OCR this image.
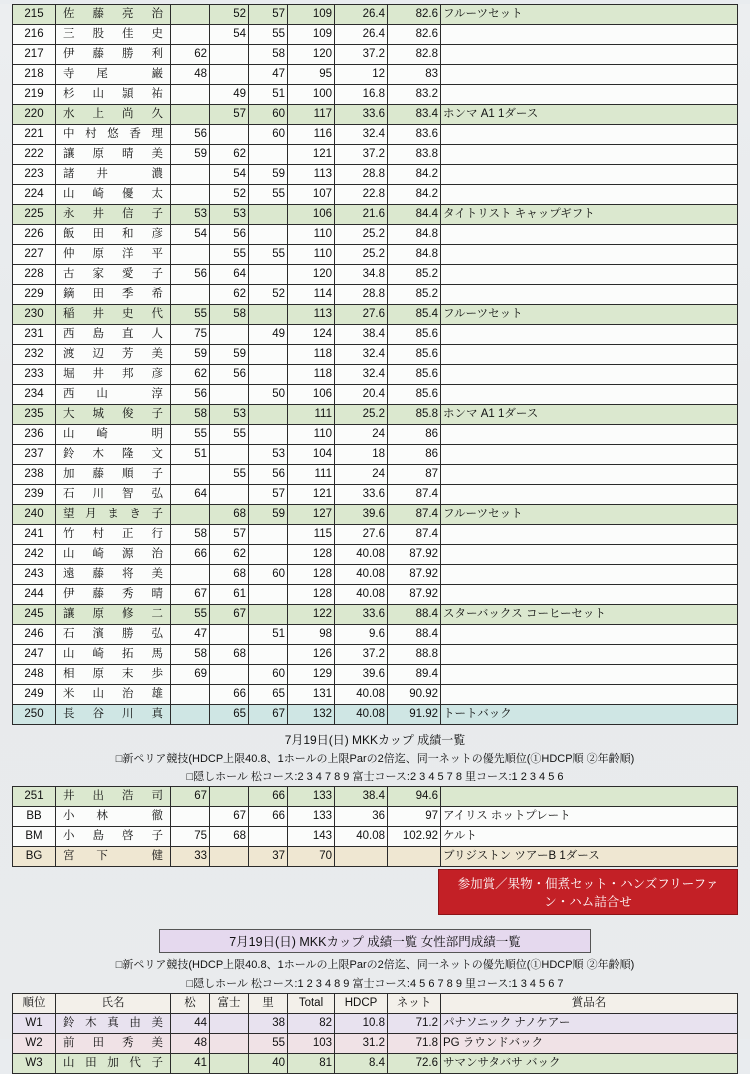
215	佐 藤 亮 治		52	57	109	26.4	82.6	フルーツセット
216	三 股 佳 史		54	55	109	26.4	82.6	
217	伊 藤 勝 利	62		58	120	37.2	82.8	
218	寺 尾 巌	48		47	95	12	83	
219	杉 山 頴 祐		49	51	100	16.8	83.2	
220	水 上 尚 久		57	60	117	33.6	83.4	ホンマ A1 1ダース
221	中 村 悠 香 理	56		60	116	32.4	83.6	
222	讓 原 晴 美	59	62		121	37.2	83.8	
223	諸 井 濃		54	59	113	28.8	84.2	
224	山 崎 優 太		52	55	107	22.8	84.2	
225	永 井 信 子	53	53		106	21.6	84.4	タイトリスト キャップギフト
226	飯 田 和 彦	54	56		110	25.2	84.8	
227	仲 原 洋 平		55	55	110	25.2	84.8	
228	古 家 愛 子	56	64		120	34.8	85.2	
229	鏑 田 季 希		62	52	114	28.8	85.2	
230	稲 井 史 代	55	58		113	27.6	85.4	フルーツセット
231	西 島 直 人	75		49	124	38.4	85.6	
232	渡 辺 芳 美	59	59		118	32.4	85.6	
233	堀 井 邦 彦	62	56		118	32.4	85.6	
234	西 山 淳	56		50	106	20.4	85.6	
235	大 城 俊 子	58	53		111	25.2	85.8	ホンマ A1 1ダース
236	山 崎 明	55	55		110	24	86	
237	鈴 木 隆 文	51		53	104	18	86	
238	加 藤 順 子		55	56	111	24	87	
239	石 川 智 弘	64		57	121	33.6	87.4	
240	望 月 ま き 子		68	59	127	39.6	87.4	フルーツセット
241	竹 村 正 行	58	57		115	27.6	87.4	
242	山 崎 源 治	66	62		128	40.08	87.92	
243	遠 藤 将 美		68	60	128	40.08	87.92	
244	伊 藤 秀 晴	67	61		128	40.08	87.92	
245	讓 原 修 二	55	67		122	33.6	88.4	スターバックス コーヒーセット
246	石 濱 勝 弘	47		51	98	9.6	88.4	
247	山 崎 拓 馬	58	68		126	37.2	88.8	
248	相 原 末 歩	69		60	129	39.6	89.4	
249	米 山 治 雄		66	65	131	40.08	90.92	
250	長 谷 川 真		65	67	132	40.08	91.92	トートバック
7月19日(日) MKKカップ 成績一覧
□新ペリア競技(HDCP上限40.8、1ホールの上限Parの2倍迄、同一ネットの優先順位(①HDCP順 ②年齢順)
□隠しホール 松コース:2 3 4 7 8 9 富士コース:2 3 4 5 7 8 里コース:1 2 3 4 5 6
251	井 出 浩 司	67		66	133	38.4	94.6	
BB	小 林 徹		67	66	133	36	97	アイリス ホットプレート
BM	小 島 啓 子	75	68		143	40.08	102.92	ケルト
BG	宮 下 健	33		37	70			ブリジストン ツアーB 1ダース
参加賞／果物・佃煮セット・ハンズフリーファン・ハム詰合せ
7月19日(日) MKKカップ 成績一覧 女性部門成績一覧
□新ペリア競技(HDCP上限40.8、1ホールの上限Parの2倍迄、同一ネットの優先順位(①HDCP順 ②年齢順)
□隠しホール 松コース:1 2 3 4 8 9 富士コース:4 5 6 7 8 9 里コース:1 3 4 5 6 7
順位	氏名	松	富士	里	Total	HDCP	ネット	賞品名
W1	鈴 木 真 由 美	44		38	82	10.8	71.2	パナソニック ナノケアー
W2	前 田 秀 美	48		55	103	31.2	71.8	PG ラウンドバック
W3	山 田 加 代 子	41		40	81	8.4	72.6	サマンサタバサ バック
